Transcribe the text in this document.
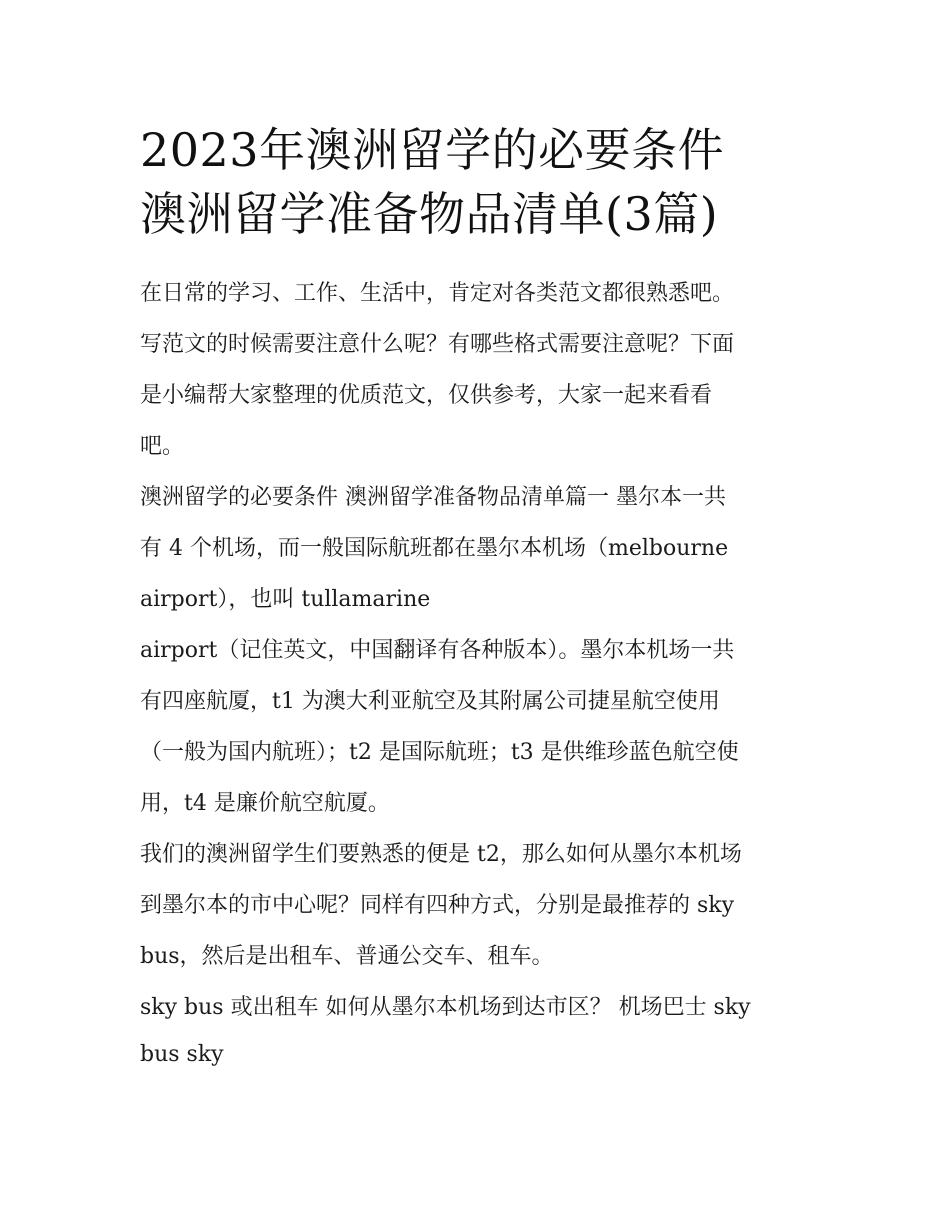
2023年澳洲留学的必要条件
澳洲留学准备物品清单(3篇)

在日常的学习、工作、生活中，肯定对各类范文都很熟悉吧。
写范文的时候需要注意什么呢？有哪些格式需要注意呢？下面
是小编帮大家整理的优质范文，仅供参考，大家一起来看看
吧。

澳洲留学的必要条件 澳洲留学准备物品清单篇一 墨尔本一共
有 4 个机场，而一般国际航班都在墨尔本机场（melbourne
airport），也叫 tullamarine
airport（记住英文，中国翻译有各种版本）。墨尔本机场一共
有四座航厦，t1 为澳大利亚航空及其附属公司捷星航空使用
（一般为国内航班）；t2 是国际航班；t3 是供维珍蓝色航空使
用，t4 是廉价航空航厦。

我们的澳洲留学生们要熟悉的便是 t2，那么如何从墨尔本机场
到墨尔本的市中心呢？同样有四种方式，分别是最推荐的 sky
bus，然后是出租车、普通公交车、租车。

sky bus 或出租车 如何从墨尔本机场到达市区？ 机场巴士 sky
bus sky
